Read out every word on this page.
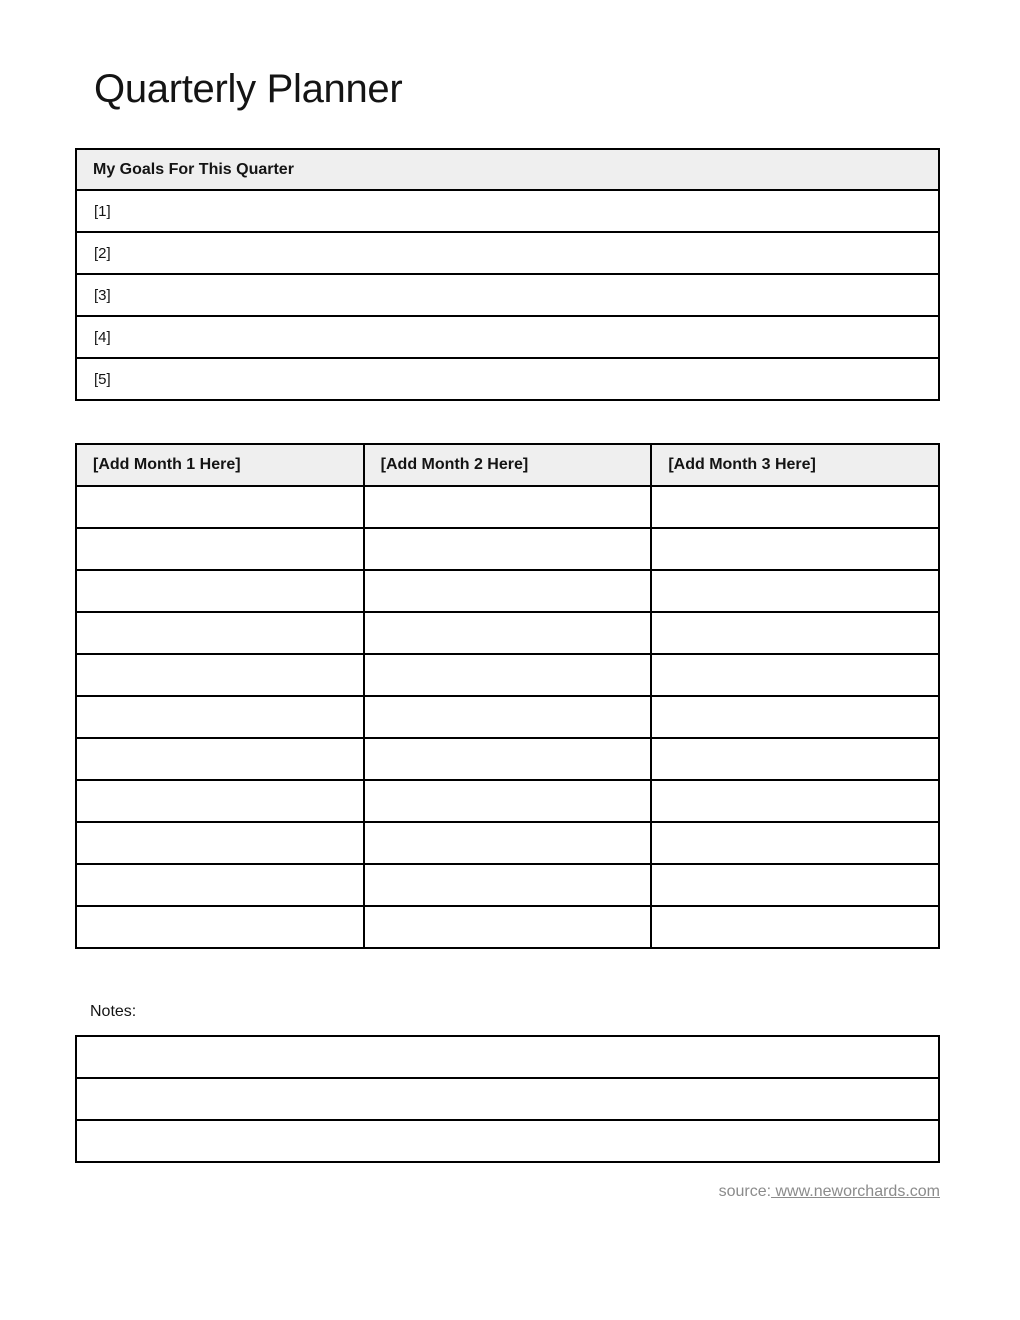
Quarterly Planner
My Goals For This Quarter
[1]
[2]
[3]
[4]
[5]
[Add Month 1 Here]	[Add Month 2 Here]	[Add Month 3 Here]

Notes:

source: www.neworchards.com
